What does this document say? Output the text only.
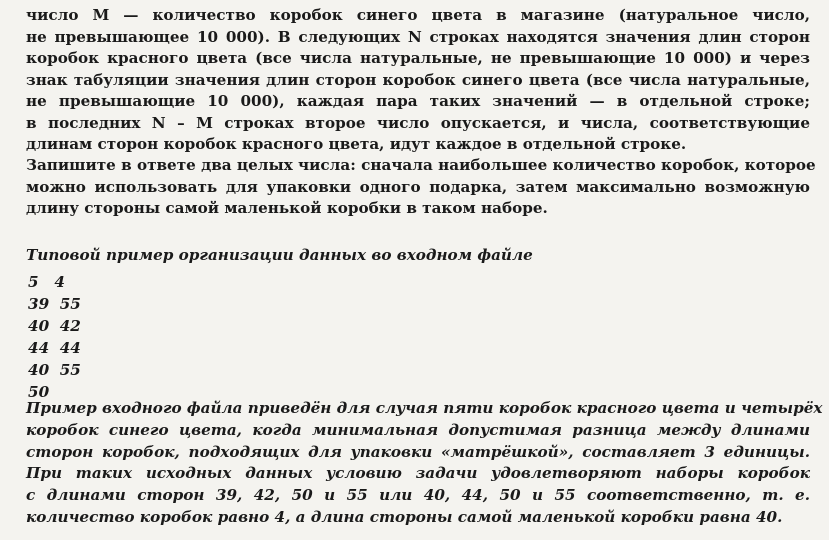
число M — количество коробок синего цвета в магазине (натуральное число,
не превышающее 10 000). В следующих N строках находятся значения длин сторон
коробок красного цвета (все числа натуральные, не превышающие 10 000) и через
знак табуляции значения длин сторон коробок синего цвета (все числа натуральные,
не превышающие 10 000), каждая пара таких значений — в отдельной строке;
в последних N – M строках второе число опускается, и числа, соответствующие
длинам сторон коробок красного цвета, идут каждое в отдельной строке.
Запишите в ответе два целых числа: сначала наибольшее количество коробок, которое
можно использовать для упаковки одного подарка, затем максимально возможную
длину стороны самой маленькой коробки в таком наборе.

Типовой пример организации данных во входном файле

5   4
39  55
40  42
44  44
40  55
50
Пример входного файла приведён для случая пяти коробок красного цвета и четырёх
коробок синего цвета, когда минимальная допустимая разница между длинами
сторон коробок, подходящих для упаковки «матрёшкой», составляет 3 единицы.
При таких исходных данных условию задачи удовлетворяют наборы коробок
с длинами сторон 39, 42, 50 и 55 или 40, 44, 50 и 55 соответственно, т. е.
количество коробок равно 4, а длина стороны самой маленькой коробки равна 40.
